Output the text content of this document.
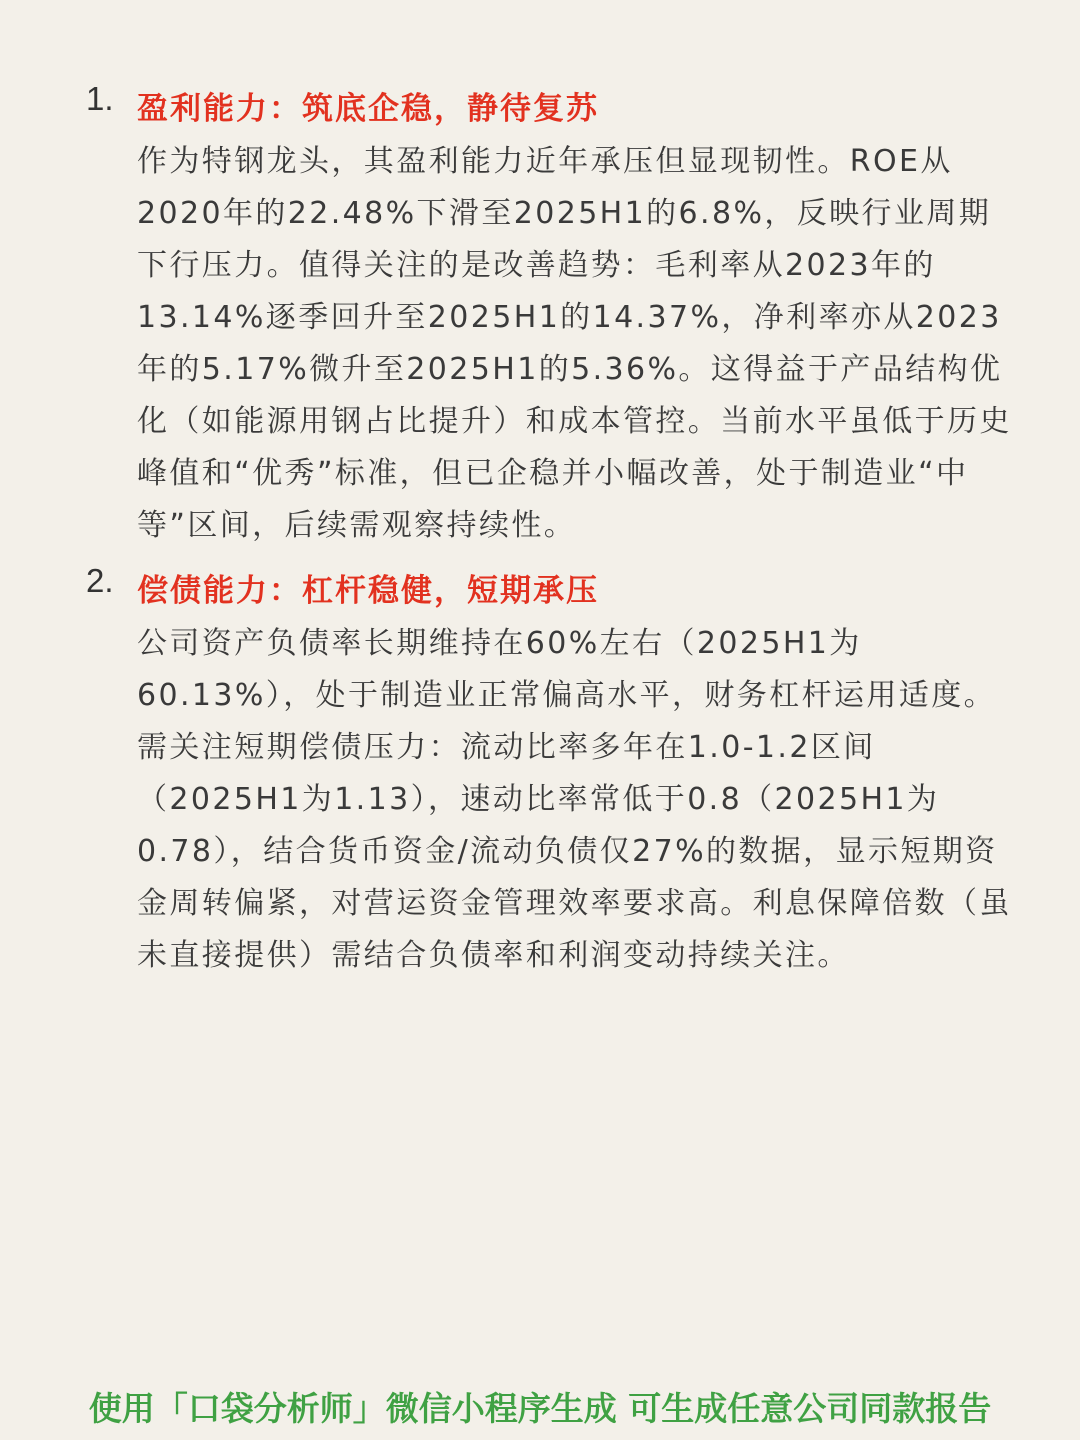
1. 盈利能力：筑底企稳，静待复苏

作为特钢龙头，其盈利能力近年承压但显现韧性。ROE从2020年的22.48%下滑至2025H1的6.8%，反映行业周期下行压力。值得关注的是改善趋势：毛利率从2023年的13.14%逐季回升至2025H1的14.37%，净利率亦从2023年的5.17%微升至2025H1的5.36%。这得益于产品结构优化（如能源用钢占比提升）和成本管控。当前水平虽低于历史峰值和“优秀”标准，但已企稳并小幅改善，处于制造业“中等”区间，后续需观察持续性。

2. 偿债能力：杠杆稳健，短期承压

公司资产负债率长期维持在60%左右（2025H1为60.13%），处于制造业正常偏高水平，财务杠杆运用适度。需关注短期偿债压力：流动比率多年在1.0-1.2区间（2025H1为1.13），速动比率常低于0.8（2025H1为0.78），结合货币资金/流动负债仅27%的数据，显示短期资金周转偏紧，对营运资金管理效率要求高。利息保障倍数（虽未直接提供）需结合负债率和利润变动持续关注。

使用「口袋分析师」微信小程序生成 可生成任意公司同款报告
